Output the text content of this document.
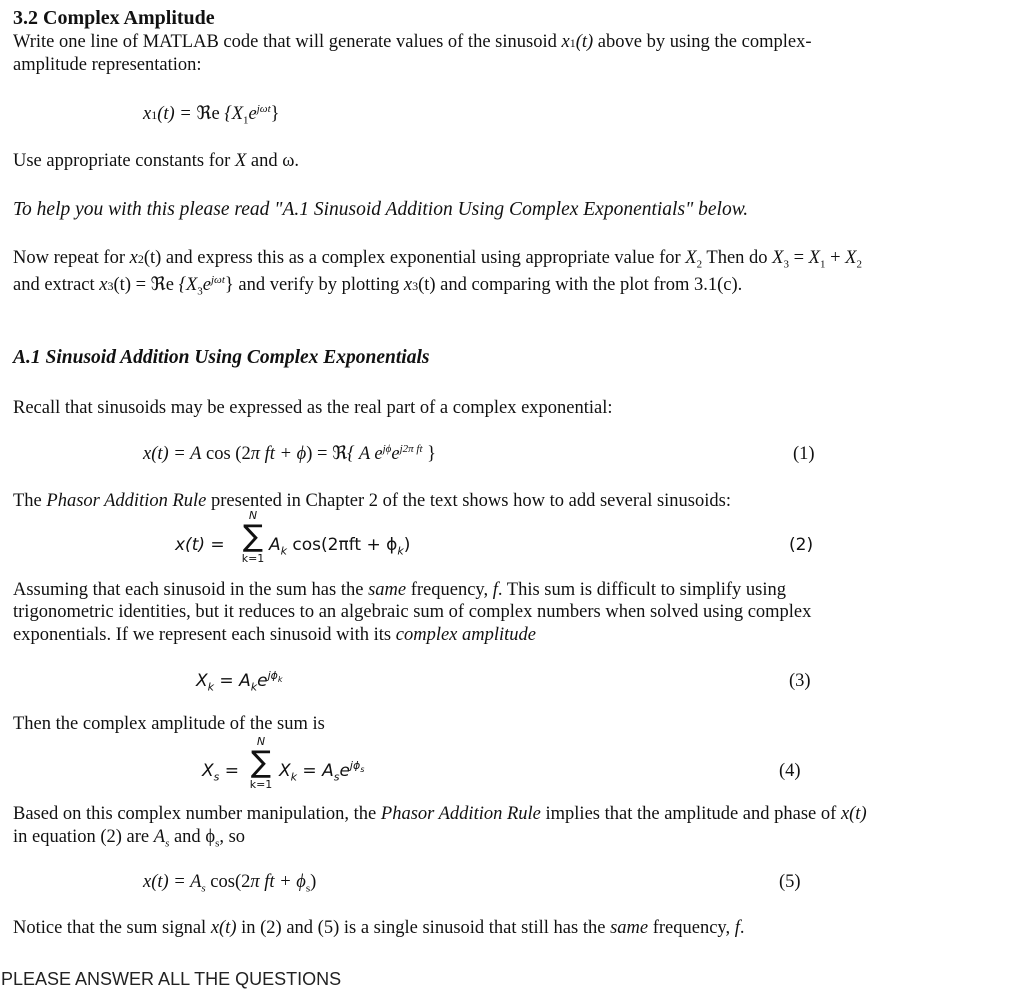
3.2 Complex Amplitude
Write one line of MATLAB code that will generate values of the sinusoid x1(t) above by using the complex-
amplitude representation:
x1(t) = ℜe $\{X_1e^{j\omega t}\}$
Use appropriate constants for X and ω.
To help you with this please read "A.1 Sinusoid Addition Using Complex Exponentials" below.
Now repeat for x2(t) and express this as a complex exponential using appropriate value for $X_2$ Then do $X_3 = X_1 + X_2$
and extract x3(t) = ℜe $\{X_3e^{j\omega t}\}$ and verify by plotting x3(t) and comparing with the plot from 3.1(c).
A.1 Sinusoid Addition Using Complex Exponentials
Recall that sinusoids may be expressed as the real part of a complex exponential:
x(t) = A cos (2π ft + ϕ) = ℜ{ A $e^{j\phi}e^{j2\pi ft}$ }	(1)
The Phasor Addition Rule presented in Chapter 2 of the text shows how to add several sinusoids:
x(t) =
N
∑
k=1
$A_k$ $\cos(2\pi ft + \phi_k)$	(2)
Assuming that each sinusoid in the sum has the same frequency, f. This sum is difficult to simplify using
trigonometric identities, but it reduces to an algebraic sum of complex numbers when solved using complex
exponentials. If we represent each sinusoid with its complex amplitude
$X_k = A_ke^{j\phi_k}$	(3)
Then the complex amplitude of the sum is
$X_s$ =
N
∑
k=1
$X_k = A_se^{j\phi_s}$	(4)
Based on this complex number manipulation, the Phasor Addition Rule implies that the amplitude and phase of x(t)
in equation (2) are $A_s$ and $\phi_s$, so
$x(t) = A_s$ cos(2π ft + $\phi_s$)	(5)
Notice that the sum signal x(t) in (2) and (5) is a single sinusoid that still has the same frequency, f.
PLEASE ANSWER ALL THE QUESTIONS
